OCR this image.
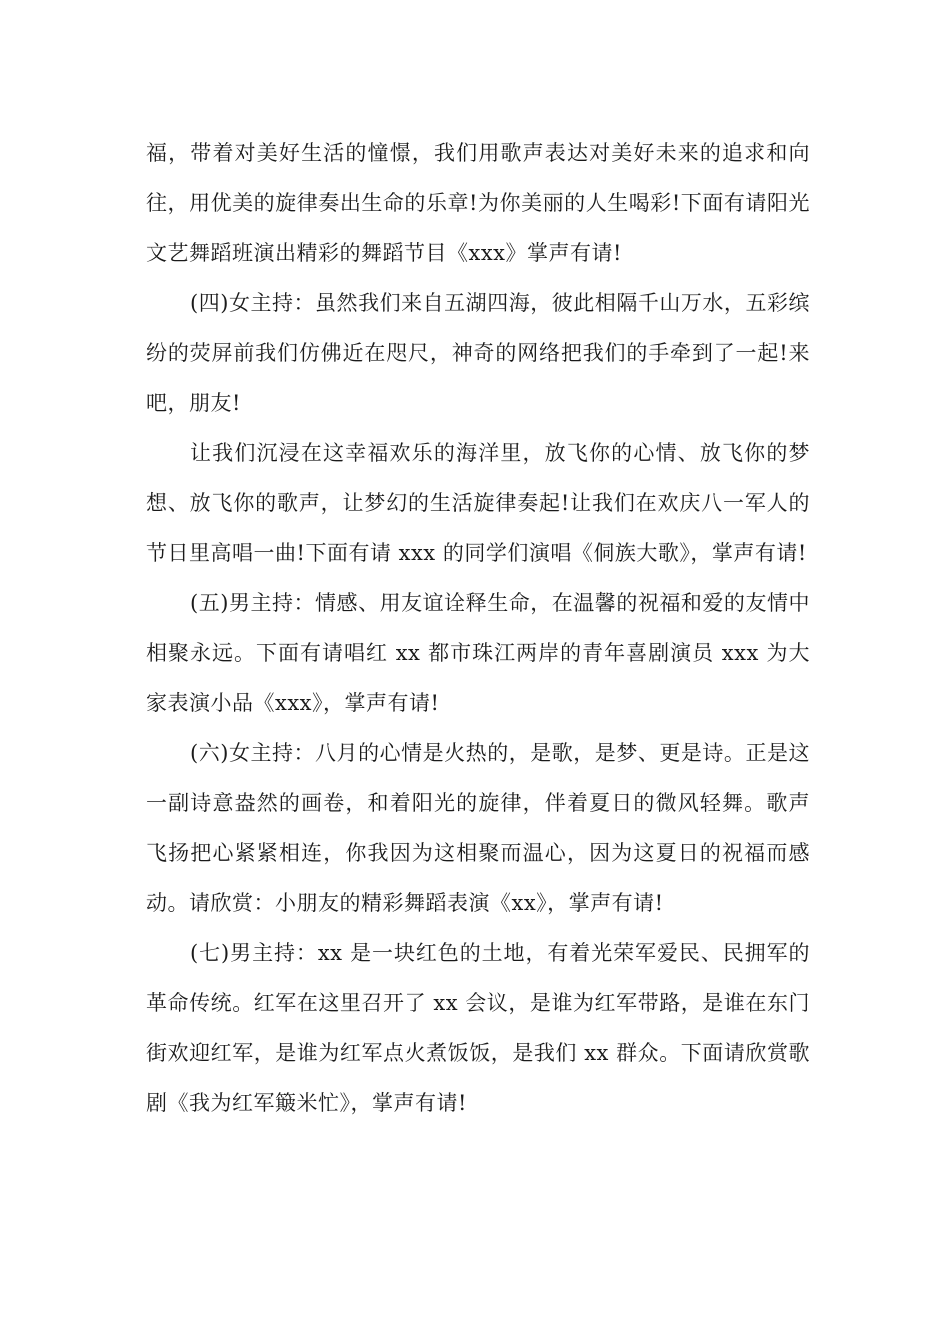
福，带着对美好生活的憧憬，我们用歌声表达对美好未来的追求和向往，用优美的旋律奏出生命的乐章!为你美丽的人生喝彩!下面有请阳光文艺舞蹈班演出精彩的舞蹈节目《xxx》掌声有请!

(四)女主持：虽然我们来自五湖四海，彼此相隔千山万水，五彩缤纷的荧屏前我们仿佛近在咫尺，神奇的网络把我们的手牵到了一起!来吧，朋友!

让我们沉浸在这幸福欢乐的海洋里，放飞你的心情、放飞你的梦想、放飞你的歌声，让梦幻的生活旋律奏起!让我们在欢庆八一军人的节日里高唱一曲!下面有请 xxx 的同学们演唱《侗族大歌》，掌声有请!

(五)男主持：情感、用友谊诠释生命，在温馨的祝福和爱的友情中相聚永远。下面有请唱红 xx 都市珠江两岸的青年喜剧演员 xxx 为大家表演小品《xxx》，掌声有请!

(六)女主持：八月的心情是火热的，是歌，是梦、更是诗。正是这一副诗意盎然的画卷，和着阳光的旋律，伴着夏日的微风轻舞。歌声飞扬把心紧紧相连，你我因为这相聚而温心，因为这夏日的祝福而感动。请欣赏：小朋友的精彩舞蹈表演《xx》，掌声有请!

(七)男主持：xx 是一块红色的土地，有着光荣军爱民、民拥军的革命传统。红军在这里召开了 xx 会议，是谁为红军带路，是谁在东门街欢迎红军，是谁为红军点火煮饭饭，是我们 xx 群众。下面请欣赏歌剧《我为红军簸米忙》，掌声有请!
